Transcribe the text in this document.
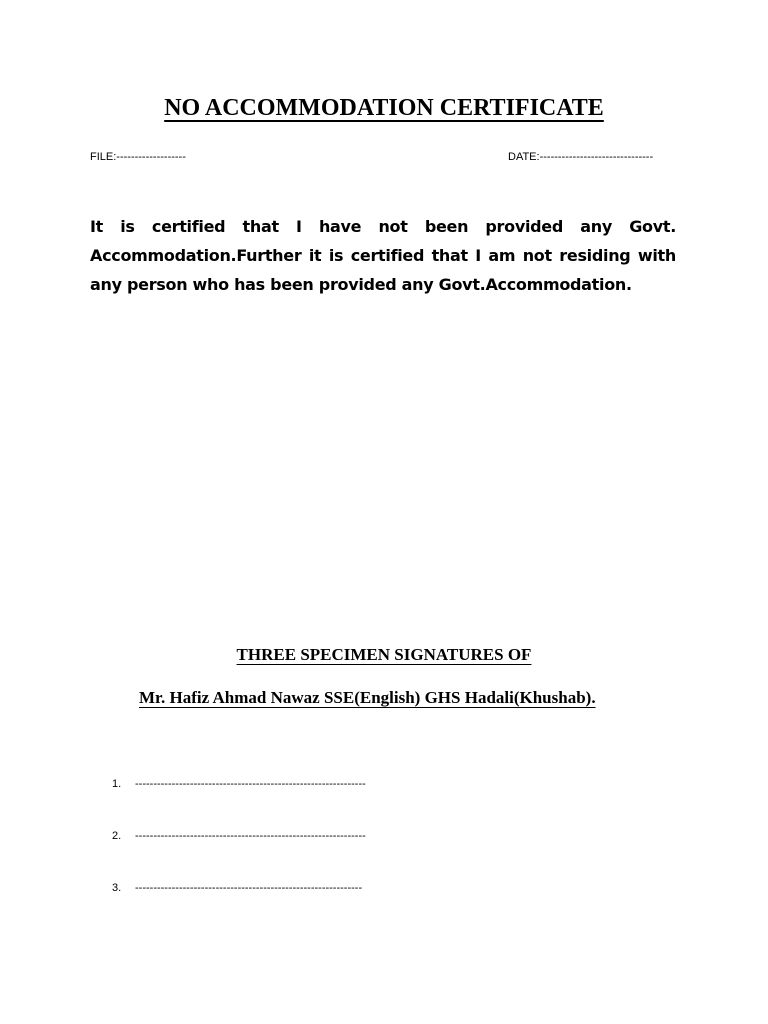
NO ACCOMMODATION CERTIFICATE
FILE:-------------------	DATE:-------------------------------
It is certified that I have not been provided any Govt. Accommodation.Further it is certified that I am not residing with any person who has been provided any Govt.Accommodation.
THREE SPECIMEN SIGNATURES OF
Mr. Hafiz Ahmad Nawaz SSE(English) GHS Hadali(Khushab).
1. ---------------------------------------------------------------
2. ---------------------------------------------------------------
3. --------------------------------------------------------------
